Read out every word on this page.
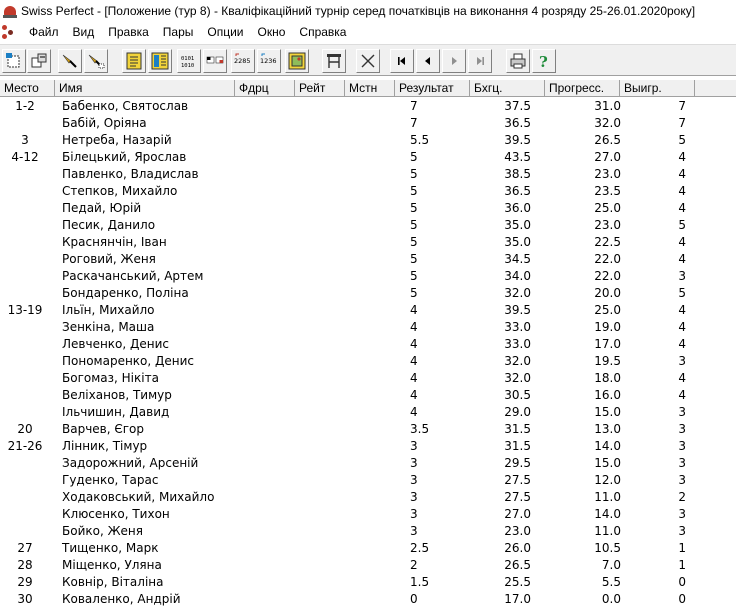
Swiss Perfect - [Положение (тур 8) - Кваліфікаційний турнір серед початківців на виконання 4 розряду 25-26.01.2020року]
Файл	Вид	Правка	Пары	Опции	Окно	Справка
0101
1010
2285 1236	?
Место	Имя	Фдрц	Рейт	Мстн	Результат	Бхгц.	Прогресс.	Выигр.
1-2	Бабенко, Святослав	7	37.5	31.0	7
Бабій, Оріяна	7	36.5	32.0	7
3	Нетреба, Назарій	5.5	39.5	26.5	5
4-12	Білецький, Ярослав	5	43.5	27.0	4
Павленко, Владислав	5	38.5	23.0	4
Степков, Михайло	5	36.5	23.5	4
Педай, Юрій	5	36.0	25.0	4
Песик, Данило	5	35.0	23.0	5
Краснянчін, Іван	5	35.0	22.5	4
Роговий, Женя	5	34.5	22.0	4
Раскачанський, Артем	5	34.0	22.0	3
Бондаренко, Поліна	5	32.0	20.0	5
13-19	Ільїн, Михайло	4	39.5	25.0	4
Зенкіна, Маша	4	33.0	19.0	4
Левченко, Денис	4	33.0	17.0	4
Пономаренко, Денис	4	32.0	19.5	3
Богомаз, Нікіта	4	32.0	18.0	4
Веліханов, Тимур	4	30.5	16.0	4
Ільчишин, Давид	4	29.0	15.0	3
20	Варчев, Єгор	3.5	31.5	13.0	3
21-26	Лінник, Тімур	3	31.5	14.0	3
Задорожний, Арсеній	3	29.5	15.0	3
Гуденко, Тарас	3	27.5	12.0	3
Ходаковський, Михайло	3	27.5	11.0	2
Клюсенко, Тихон	3	27.0	14.0	3
Бойко, Женя	3	23.0	11.0	3
27	Тищенко, Марк	2.5	26.0	10.5	1
28	Міщенко, Уляна	2	26.5	7.0	1
29	Ковнір, Віталіна	1.5	25.5	5.5	0
30	Коваленко, Андрій	0	17.0	0.0	0
